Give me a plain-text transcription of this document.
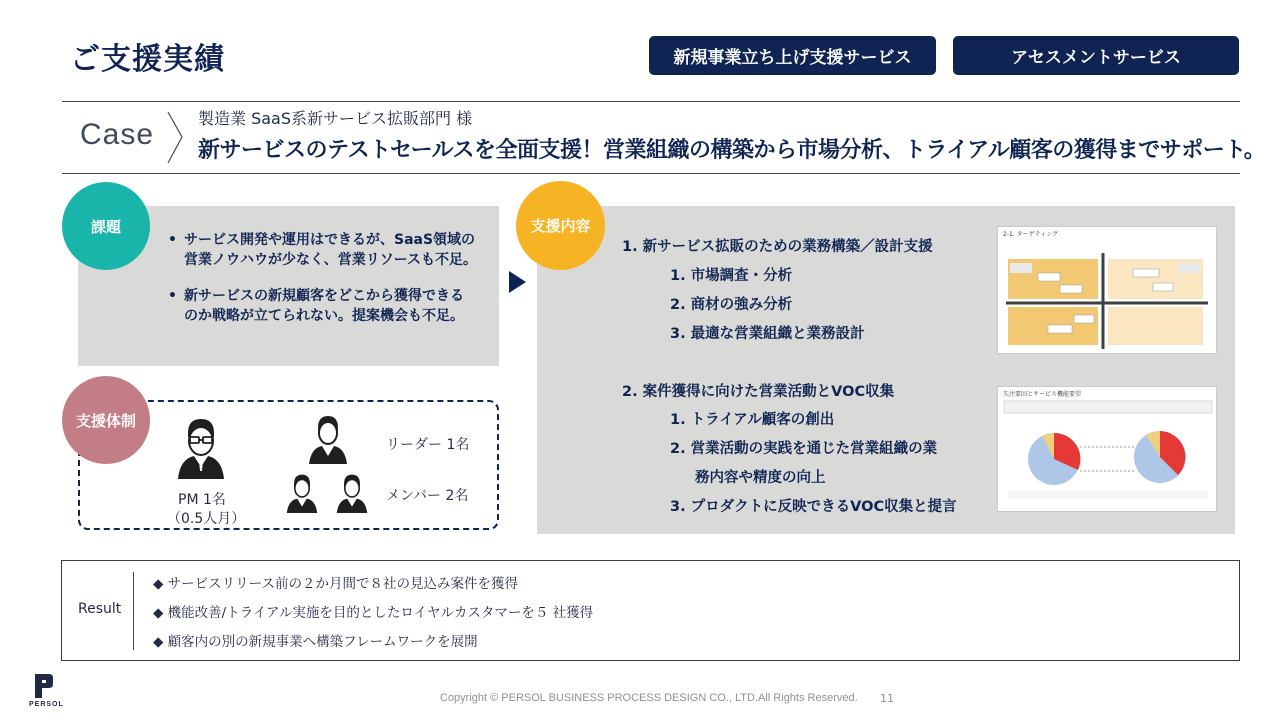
ご支援実績	新規事業立ち上げ支援サービス	アセスメントサービス
Case	製造業 SaaS系新サービス拡販部門 様
新サービスのテストセールスを全面支援！営業組織の構築から市場分析、トライアル顧客の獲得までサポート。
課題
• サービス開発や運用はできるが、SaaS領域の
営業ノウハウが少なく、営業リソースも不足。
• 新サービスの新規顧客をどこから獲得できる
のか戦略が立てられない。提案機会も不足。
支援体制
PM 1名
（0.5人月）
リーダー 1名
メンバー 2名
支援内容
1. 新サービス拡販のための業務構築／設計支援
1. 市場調査・分析
2. 商材の強み分析
3. 最適な営業組織と業務設計
2. 案件獲得に向けた営業活動とVOC収集
1. トライアル顧客の創出
2. 営業活動の実践を通じた営業組織の業
務内容や精度の向上
3. プロダクトに反映できるVOC収集と提言
2-1. ターゲティング
失注要因とサービス機能要望
Result
◆ サービスリリース前の２か月間で８社の見込み案件を獲得
◆ 機能改善/トライアル実施を目的としたロイヤルカスタマーを５ 社獲得
◆ 顧客内の別の新規事業へ構築フレームワークを展開
Copyright © PERSOL BUSINESS PROCESS DESIGN CO., LTD.All Rights Reserved. 11
PERSOL
